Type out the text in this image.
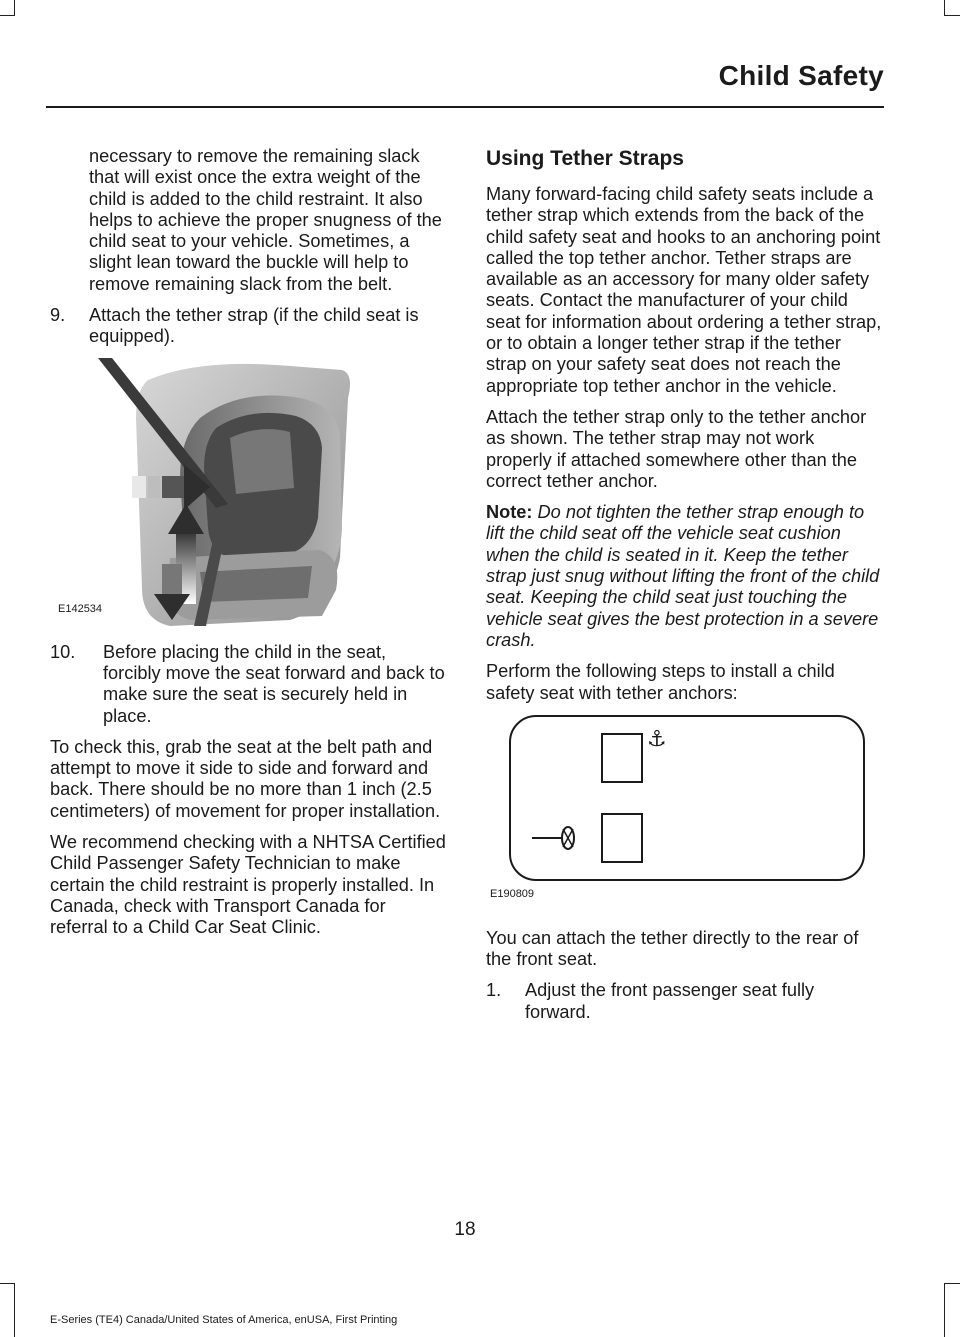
Child Safety

necessary to remove the remaining slack that will exist once the extra weight of the child is added to the child restraint. It also helps to achieve the proper snugness of the child seat to your vehicle. Sometimes, a slight lean toward the buckle will help to remove remaining slack from the belt.

9. Attach the tether strap (if the child seat is equipped).
E142534
10. Before placing the child in the seat, forcibly move the seat forward and back to make sure the seat is securely held in place.

To check this, grab the seat at the belt path and attempt to move it side to side and forward and back. There should be no more than 1 inch (2.5 centimeters) of movement for proper installation.

We recommend checking with a NHTSA Certified Child Passenger Safety Technician to make certain the child restraint is properly installed. In Canada, check with Transport Canada for referral to a Child Car Seat Clinic.

Using Tether Straps

Many forward-facing child safety seats include a tether strap which extends from the back of the child safety seat and hooks to an anchoring point called the top tether anchor. Tether straps are available as an accessory for many older safety seats. Contact the manufacturer of your child seat for information about ordering a tether strap, or to obtain a longer tether strap if the tether strap on your safety seat does not reach the appropriate top tether anchor in the vehicle.

Attach the tether strap only to the tether anchor as shown. The tether strap may not work properly if attached somewhere other than the correct tether anchor.

Note: Do not tighten the tether strap enough to lift the child seat off the vehicle seat cushion when the child is seated in it. Keep the tether strap just snug without lifting the front of the child seat. Keeping the child seat just touching the vehicle seat gives the best protection in a severe crash.

Perform the following steps to install a child safety seat with tether anchors:

⚓
E190809

You can attach the tether directly to the rear of the front seat.

1. Adjust the front passenger seat fully forward.
18
E-Series (TE4) Canada/United States of America, enUSA, First Printing
